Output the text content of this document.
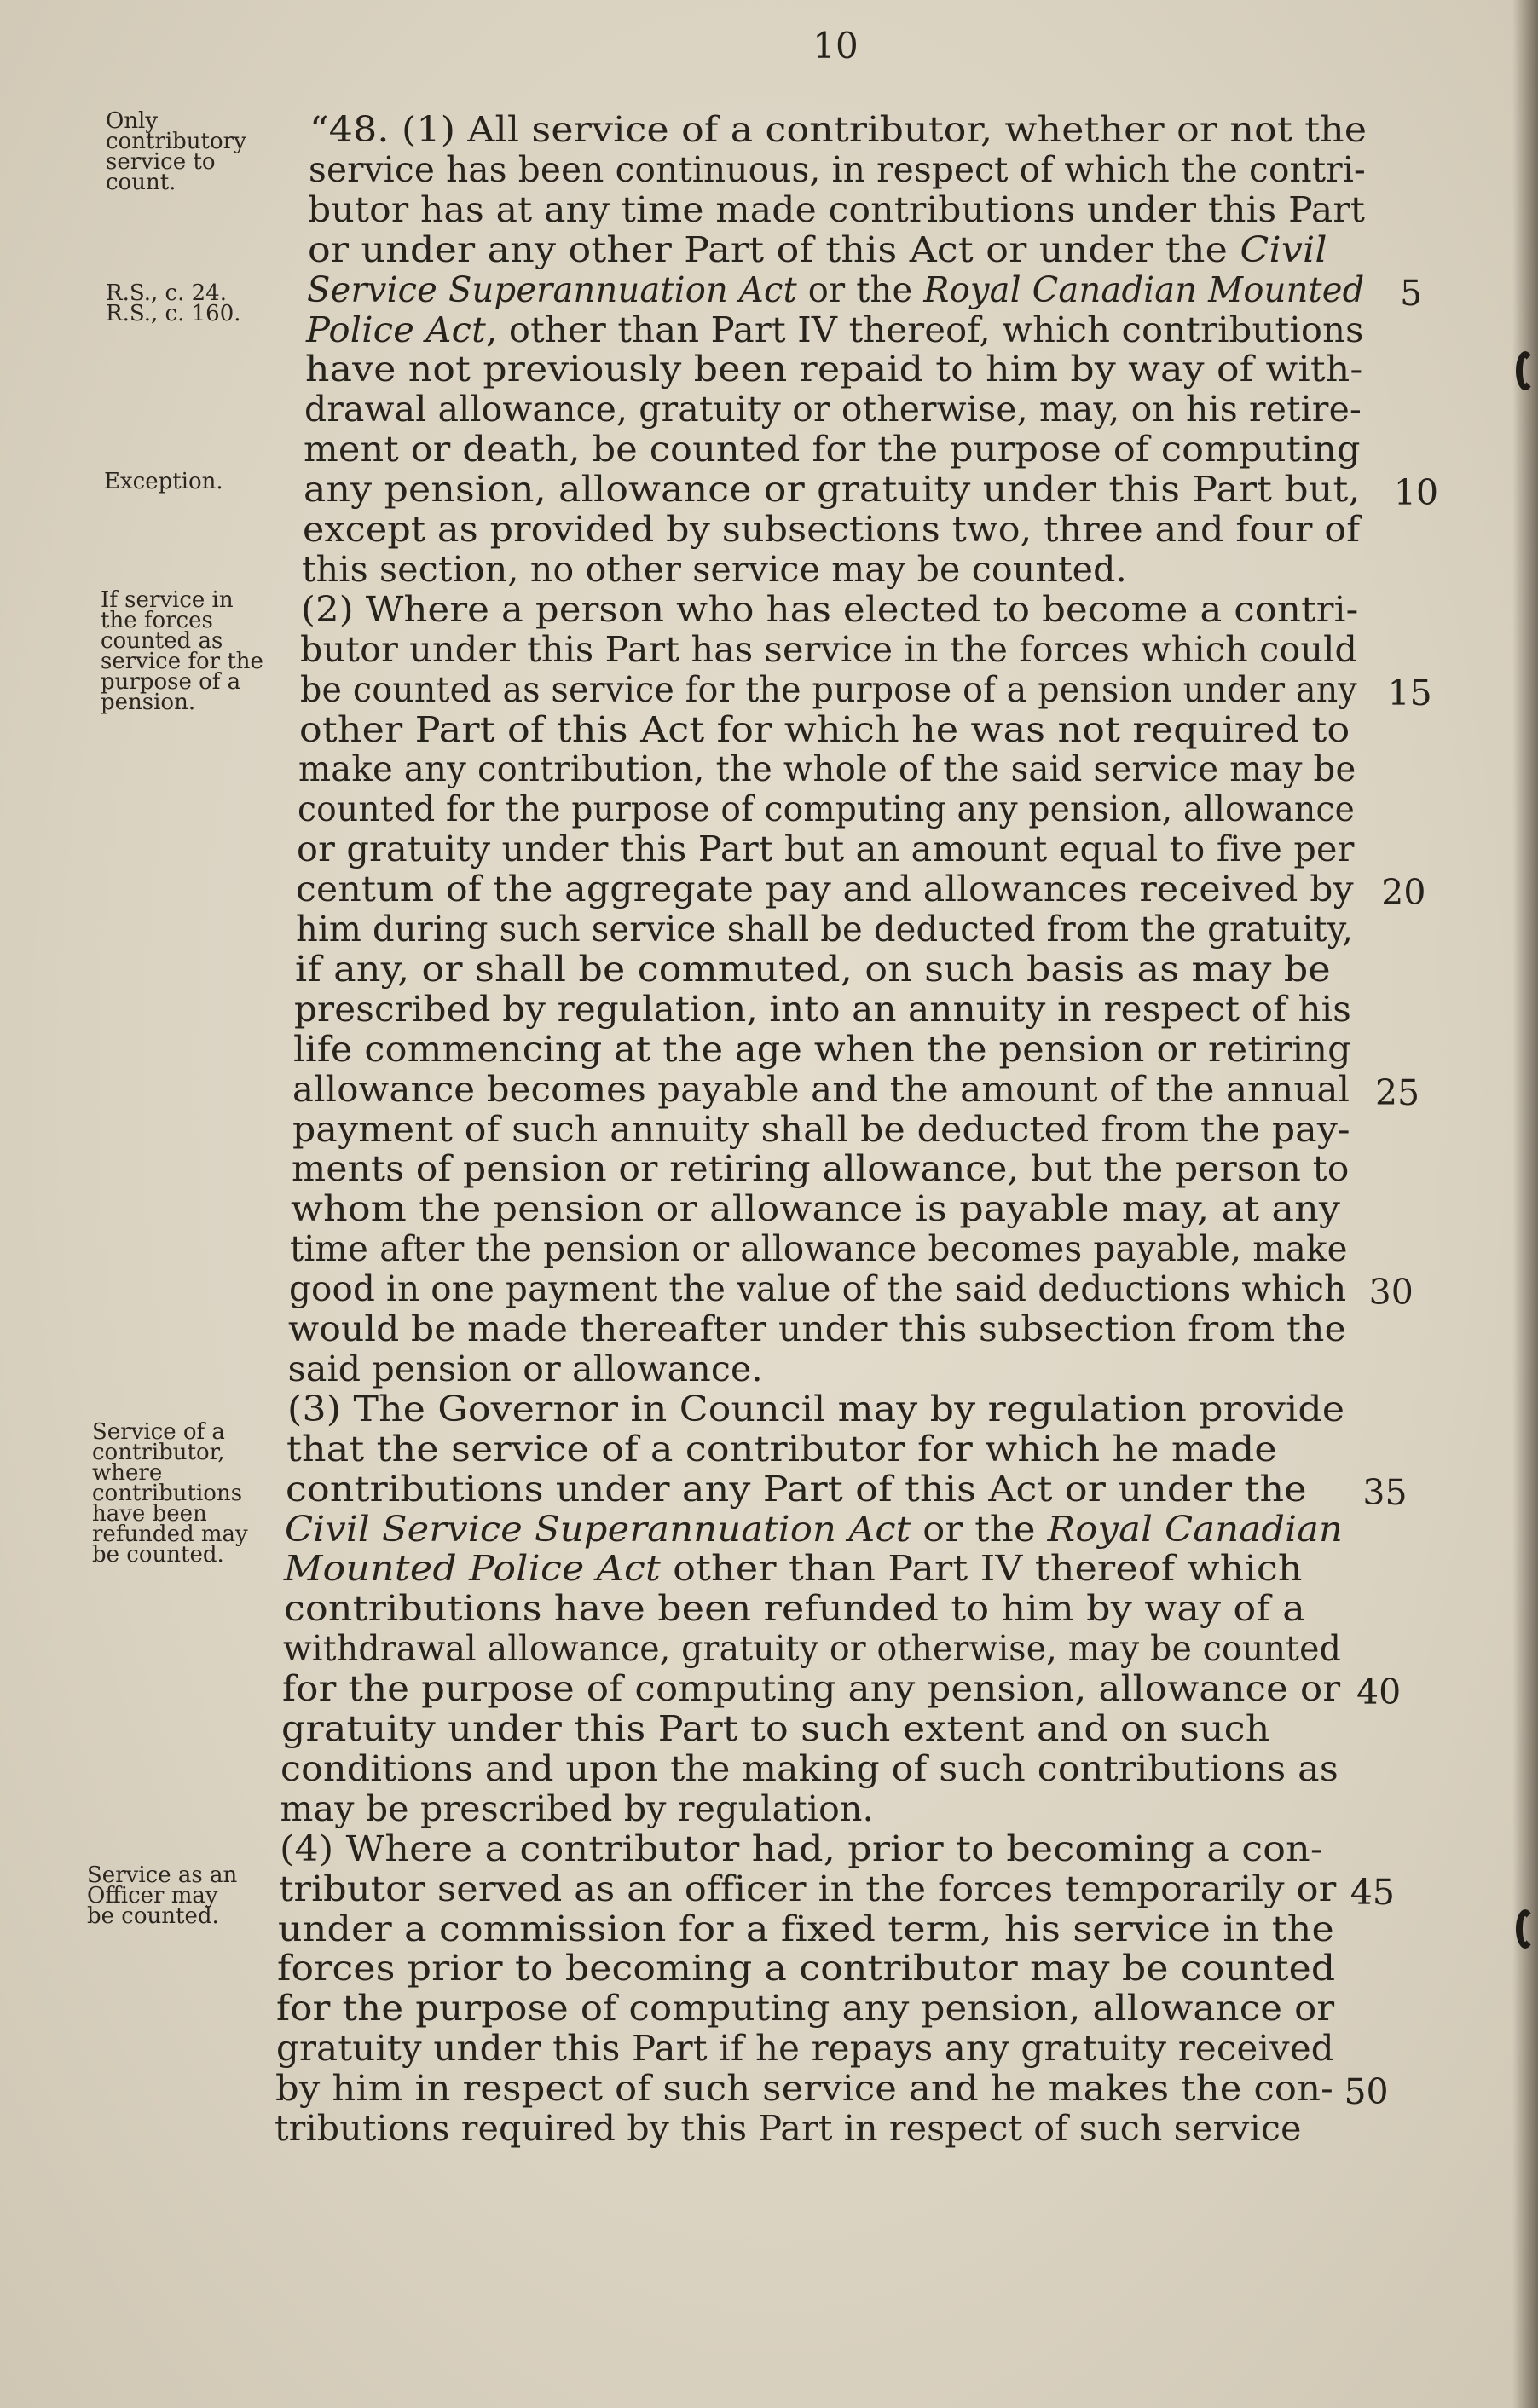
10
“48. (1) All service of a contributor, whether or not the
service has been continuous, in respect of which the contri-
butor has at any time made contributions under this Part
or under any other Part of this Act or under the Civil
Service Superannuation Act or the Royal Canadian Mounted
Police Act, other than Part IV thereof, which contributions
have not previously been repaid to him by way of with-
drawal allowance, gratuity or otherwise, may, on his retire-
ment or death, be counted for the purpose of computing
any pension, allowance or gratuity under this Part but,
except as provided by subsections two, three and four of
this section, no other service may be counted.
(2) Where a person who has elected to become a contri-
butor under this Part has service in the forces which could
be counted as service for the purpose of a pension under any
other Part of this Act for which he was not required to
make any contribution, the whole of the said service may be
counted for the purpose of computing any pension, allowance
or gratuity under this Part but an amount equal to five per
centum of the aggregate pay and allowances received by
him during such service shall be deducted from the gratuity,
if any, or shall be commuted, on such basis as may be
prescribed by regulation, into an annuity in respect of his
life commencing at the age when the pension or retiring
allowance becomes payable and the amount of the annual
payment of such annuity shall be deducted from the pay-
ments of pension or retiring allowance, but the person to
whom the pension or allowance is payable may, at any
time after the pension or allowance becomes payable, make
good in one payment the value of the said deductions which
would be made thereafter under this subsection from the
said pension or allowance.
(3) The Governor in Council may by regulation provide
that the service of a contributor for which he made
contributions under any Part of this Act or under the
Civil Service Superannuation Act or the Royal Canadian
Mounted Police Act other than Part IV thereof which
contributions have been refunded to him by way of a
withdrawal allowance, gratuity or otherwise, may be counted
for the purpose of computing any pension, allowance or
gratuity under this Part to such extent and on such
conditions and upon the making of such contributions as
may be prescribed by regulation.
(4) Where a contributor had, prior to becoming a con-
tributor served as an officer in the forces temporarily or
under a commission for a fixed term, his service in the
forces prior to becoming a contributor may be counted
for the purpose of computing any pension, allowance or
gratuity under this Part if he repays any gratuity received
by him in respect of such service and he makes the con-
tributions required by this Part in respect of such service
5
10
15
20
25
30
35
40
45
50
Only
contributory
service to
count.
R.S., c. 24.
R.S., c. 160.
Exception.
If service in
the forces
counted as
service for the
purpose of a
pension.
Service of a
contributor,
where
contributions
have been
refunded may
be counted.
Service as an
Officer may
be counted.
